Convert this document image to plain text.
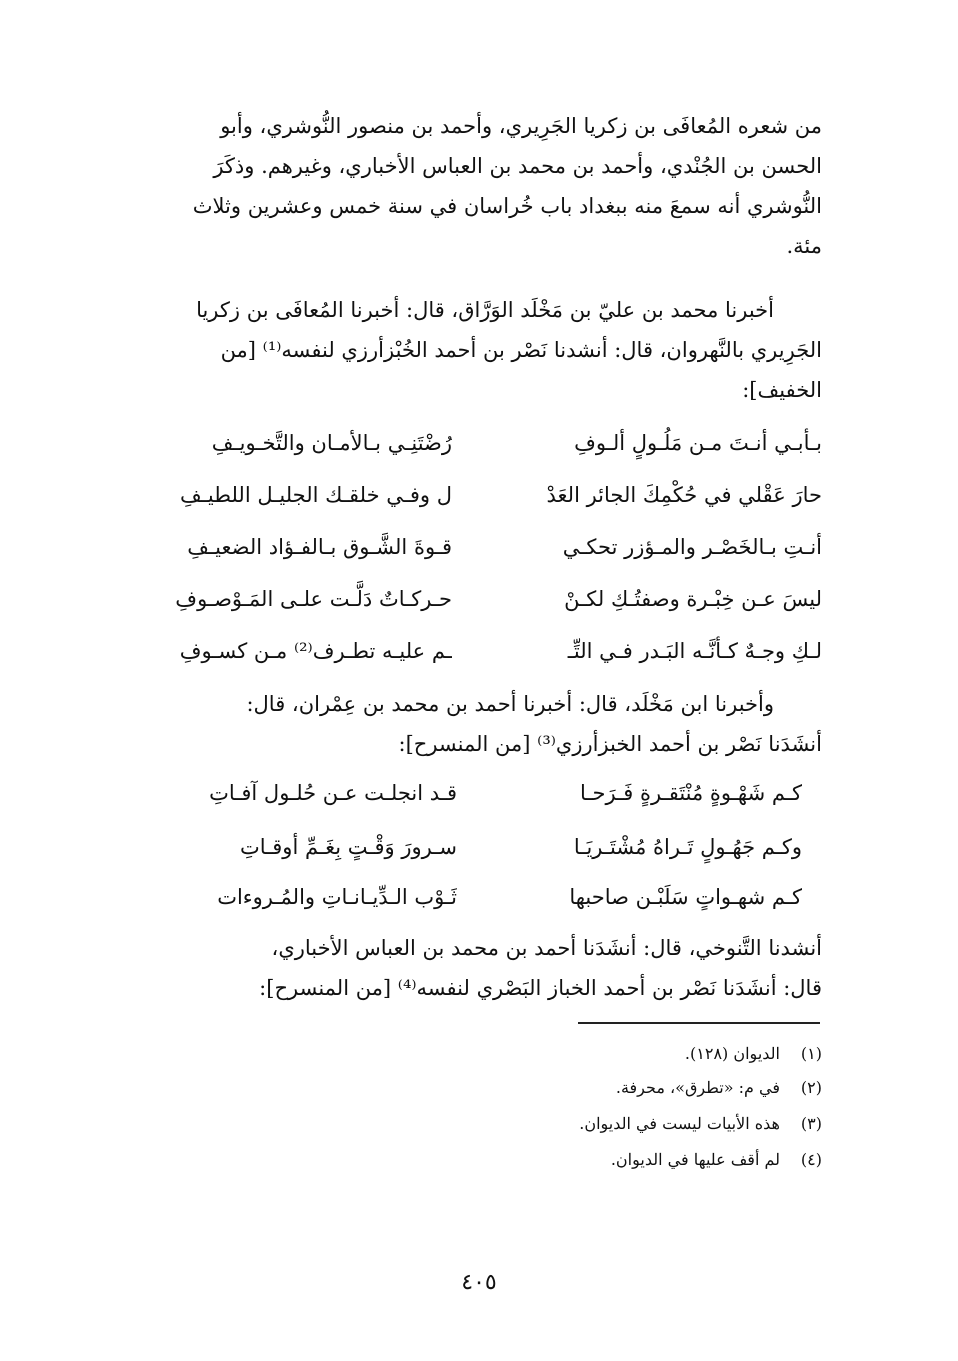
من شعره المُعافَى بن زكريا الجَرِيري، وأحمد بن منصور النُّوشري، وأبو
الحسن بن الجُنْدي، وأحمد بن محمد بن العباس الأخباري، وغيرهم. وذكَرَ
النُّوشري أنه سمعَ منه ببغداد باب خُراسان في سنة خمس وعشرين وثلاث
مئة.
أخبرنا محمد بن عليّ بن مَخْلَد الوَرَّاق، قال: أخبرنا المُعافَى بن زكريا
الجَرِيري بالنَّهروان، قال: أنشدنا نَصْر بن أحمد الخُبْزأرزي لنفسه⁽¹⁾ [من
الخفيف]:
بـأبـي أنـتَ مـن مَلُـولٍ ألـوفِ
رُضْتَنِـي بـالأمـان والتَّخـويـفِ
حارَ عَقْلي في حُكْمِكَ الجائر العَدْ
ل وفـي خلقـك الجليـل اللطيـفِ
أنـتِ بـالخَصْـر والمـؤزر تحكـي
قـوةَ الشَّـوق بـالفـؤاد الضعيـفِ
ليسَ عـن خِبْـرة وصفتُـكِ لكـنْ
حـركـاتٌ دَلَّـت علـى المَـوْصـوفِ
لـكِ وجـهٌ كـأنَّـه البَـدر فـي التِّـ
ـم عليـه تطـرف⁽²⁾ مـن كسـوفِ
وأخبرنا ابن مَخْلَد، قال: أخبرنا أحمد بن محمد بن عِمْران، قال:
أنشَدَنا نَصْر بن أحمد الخبزأرزي⁽³⁾ [من المنسرح]:
كـم شَهْـوةٍ مُنْتَقـرةٍ فَـرَحـا
قـد انجلـت عـن حُلـول آفـاتِ
وكـم جَهُـولٍ تَـراهُ مُشْتَـريَـا
سـرورَ وَقْـتٍ بِغَـمِّ أوقـاتِ
كـم شهـواتٍ سَلَبْـن صاحبها
ثَـوْب الـدِّيـانـاتِ والمُـروءات
أنشدنا التَّنوخي، قال: أنشَدَنا أحمد بن محمد بن العباس الأخباري،
قال: أنشَدَنا نَصْر بن أحمد الخباز البَصْري لنفسه⁽⁴⁾ [من المنسرح]:
(١)الديوان (١٢٨).
(٢)في م: «تطرق»، محرفة.
(٣)هذه الأبيات ليست في الديوان.
(٤)لم أقف عليها في الديوان.
٤٠٥
